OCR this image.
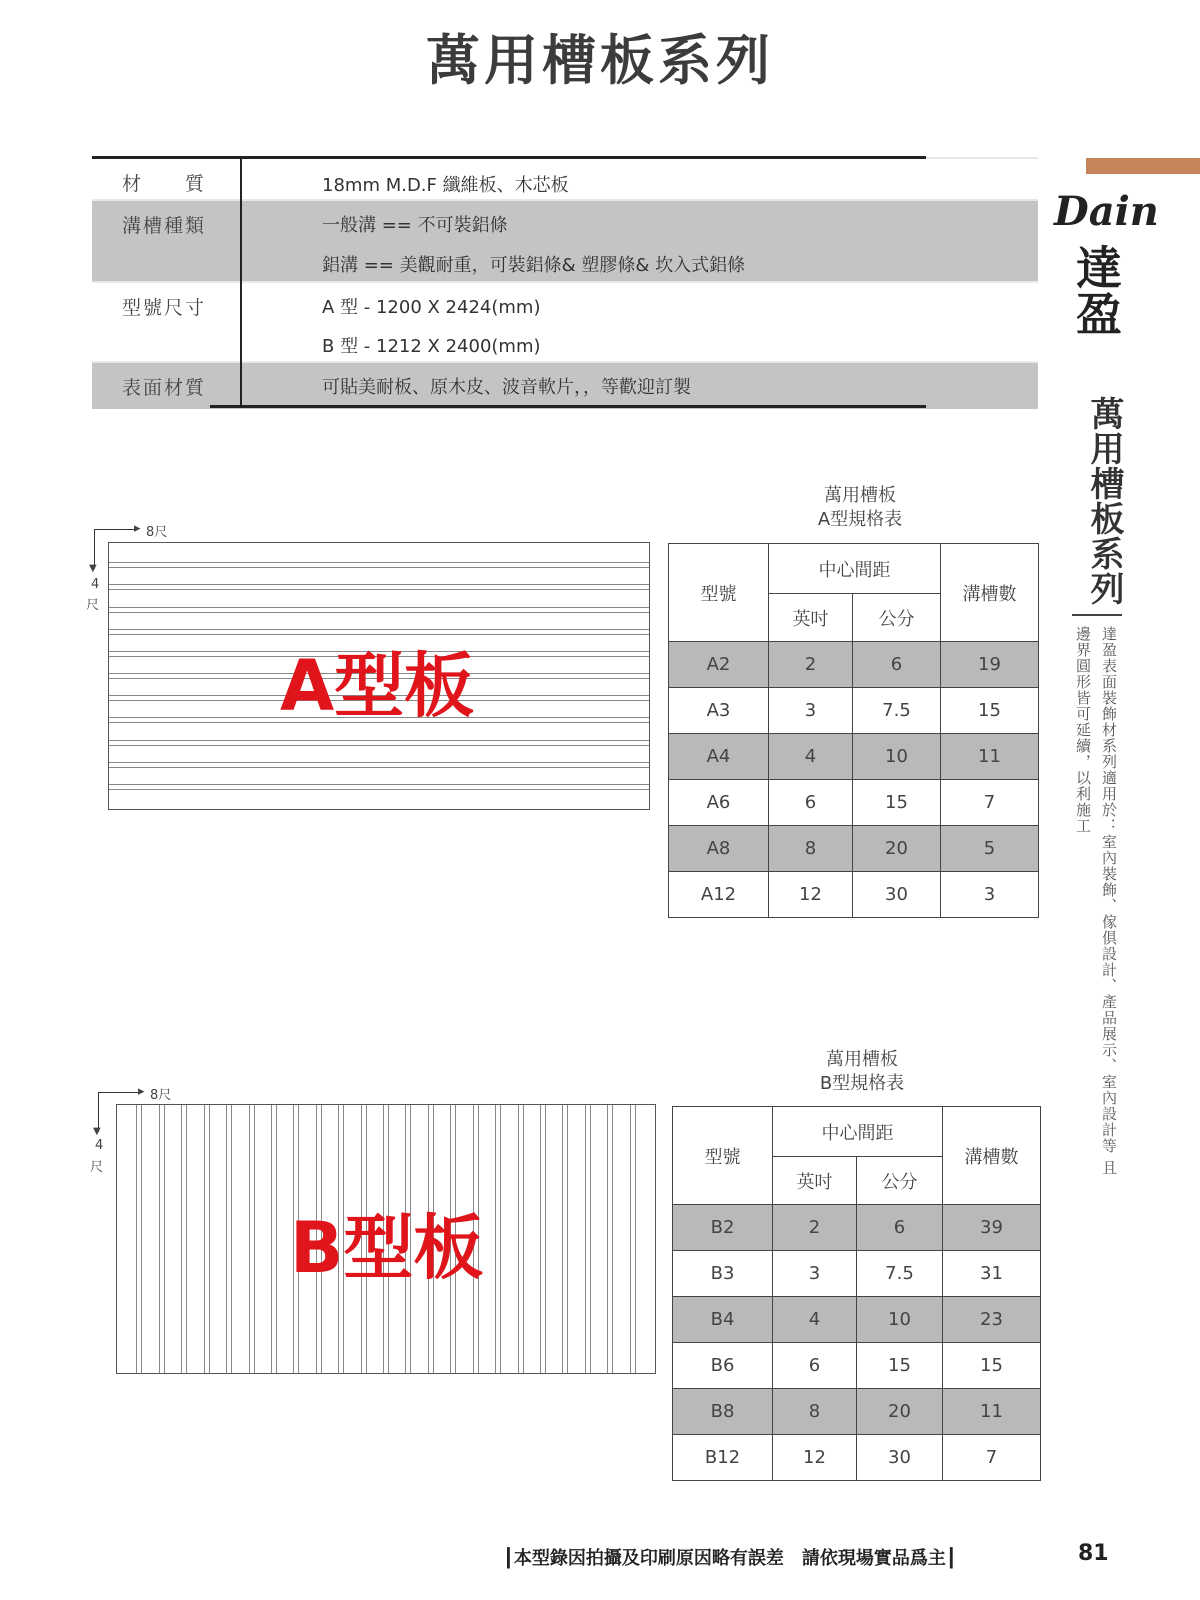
萬用槽板系列
材　　質	18mm M.D.F 纖維板、木芯板
溝槽種類	一般溝 == 不可裝鋁條
鋁溝 == 美觀耐重，可裝鋁條& 塑膠條& 坎入式鋁條
型號尺寸	A 型 - 1200 X 2424(mm)
B 型 - 1212 X 2400(mm)
表面材質	可貼美耐板、原木皮、波音軟片，，等歡迎訂製
Dain
達盈
萬用槽板系列
達盈表面裝飾材系列適用於：室內裝飾、傢俱設計、產品展示、室內設計等 且邊界圓形皆可延續，以利施工
▸ 8尺
▼
4
尺
A型板
▸ 8尺
▼
4
尺
B型板
萬用槽板
A型規格表
型號	中心間距		溝槽數
	英吋	公分	
A2	2	6	19
A3	3	7.5	15
A4	4	10	11
A6	6	15	7
A8	8	20	5
A12	12	30	3
萬用槽板
B型規格表
型號	中心間距		溝槽數
	英吋	公分	
B2	2	6	39
B3	3	7.5	31
B4	4	10	23
B6	6	15	15
B8	8	20	11
B12	12	30	7
┃本型錄因拍攝及印刷原因略有誤差　請依現場實品爲主┃	81
